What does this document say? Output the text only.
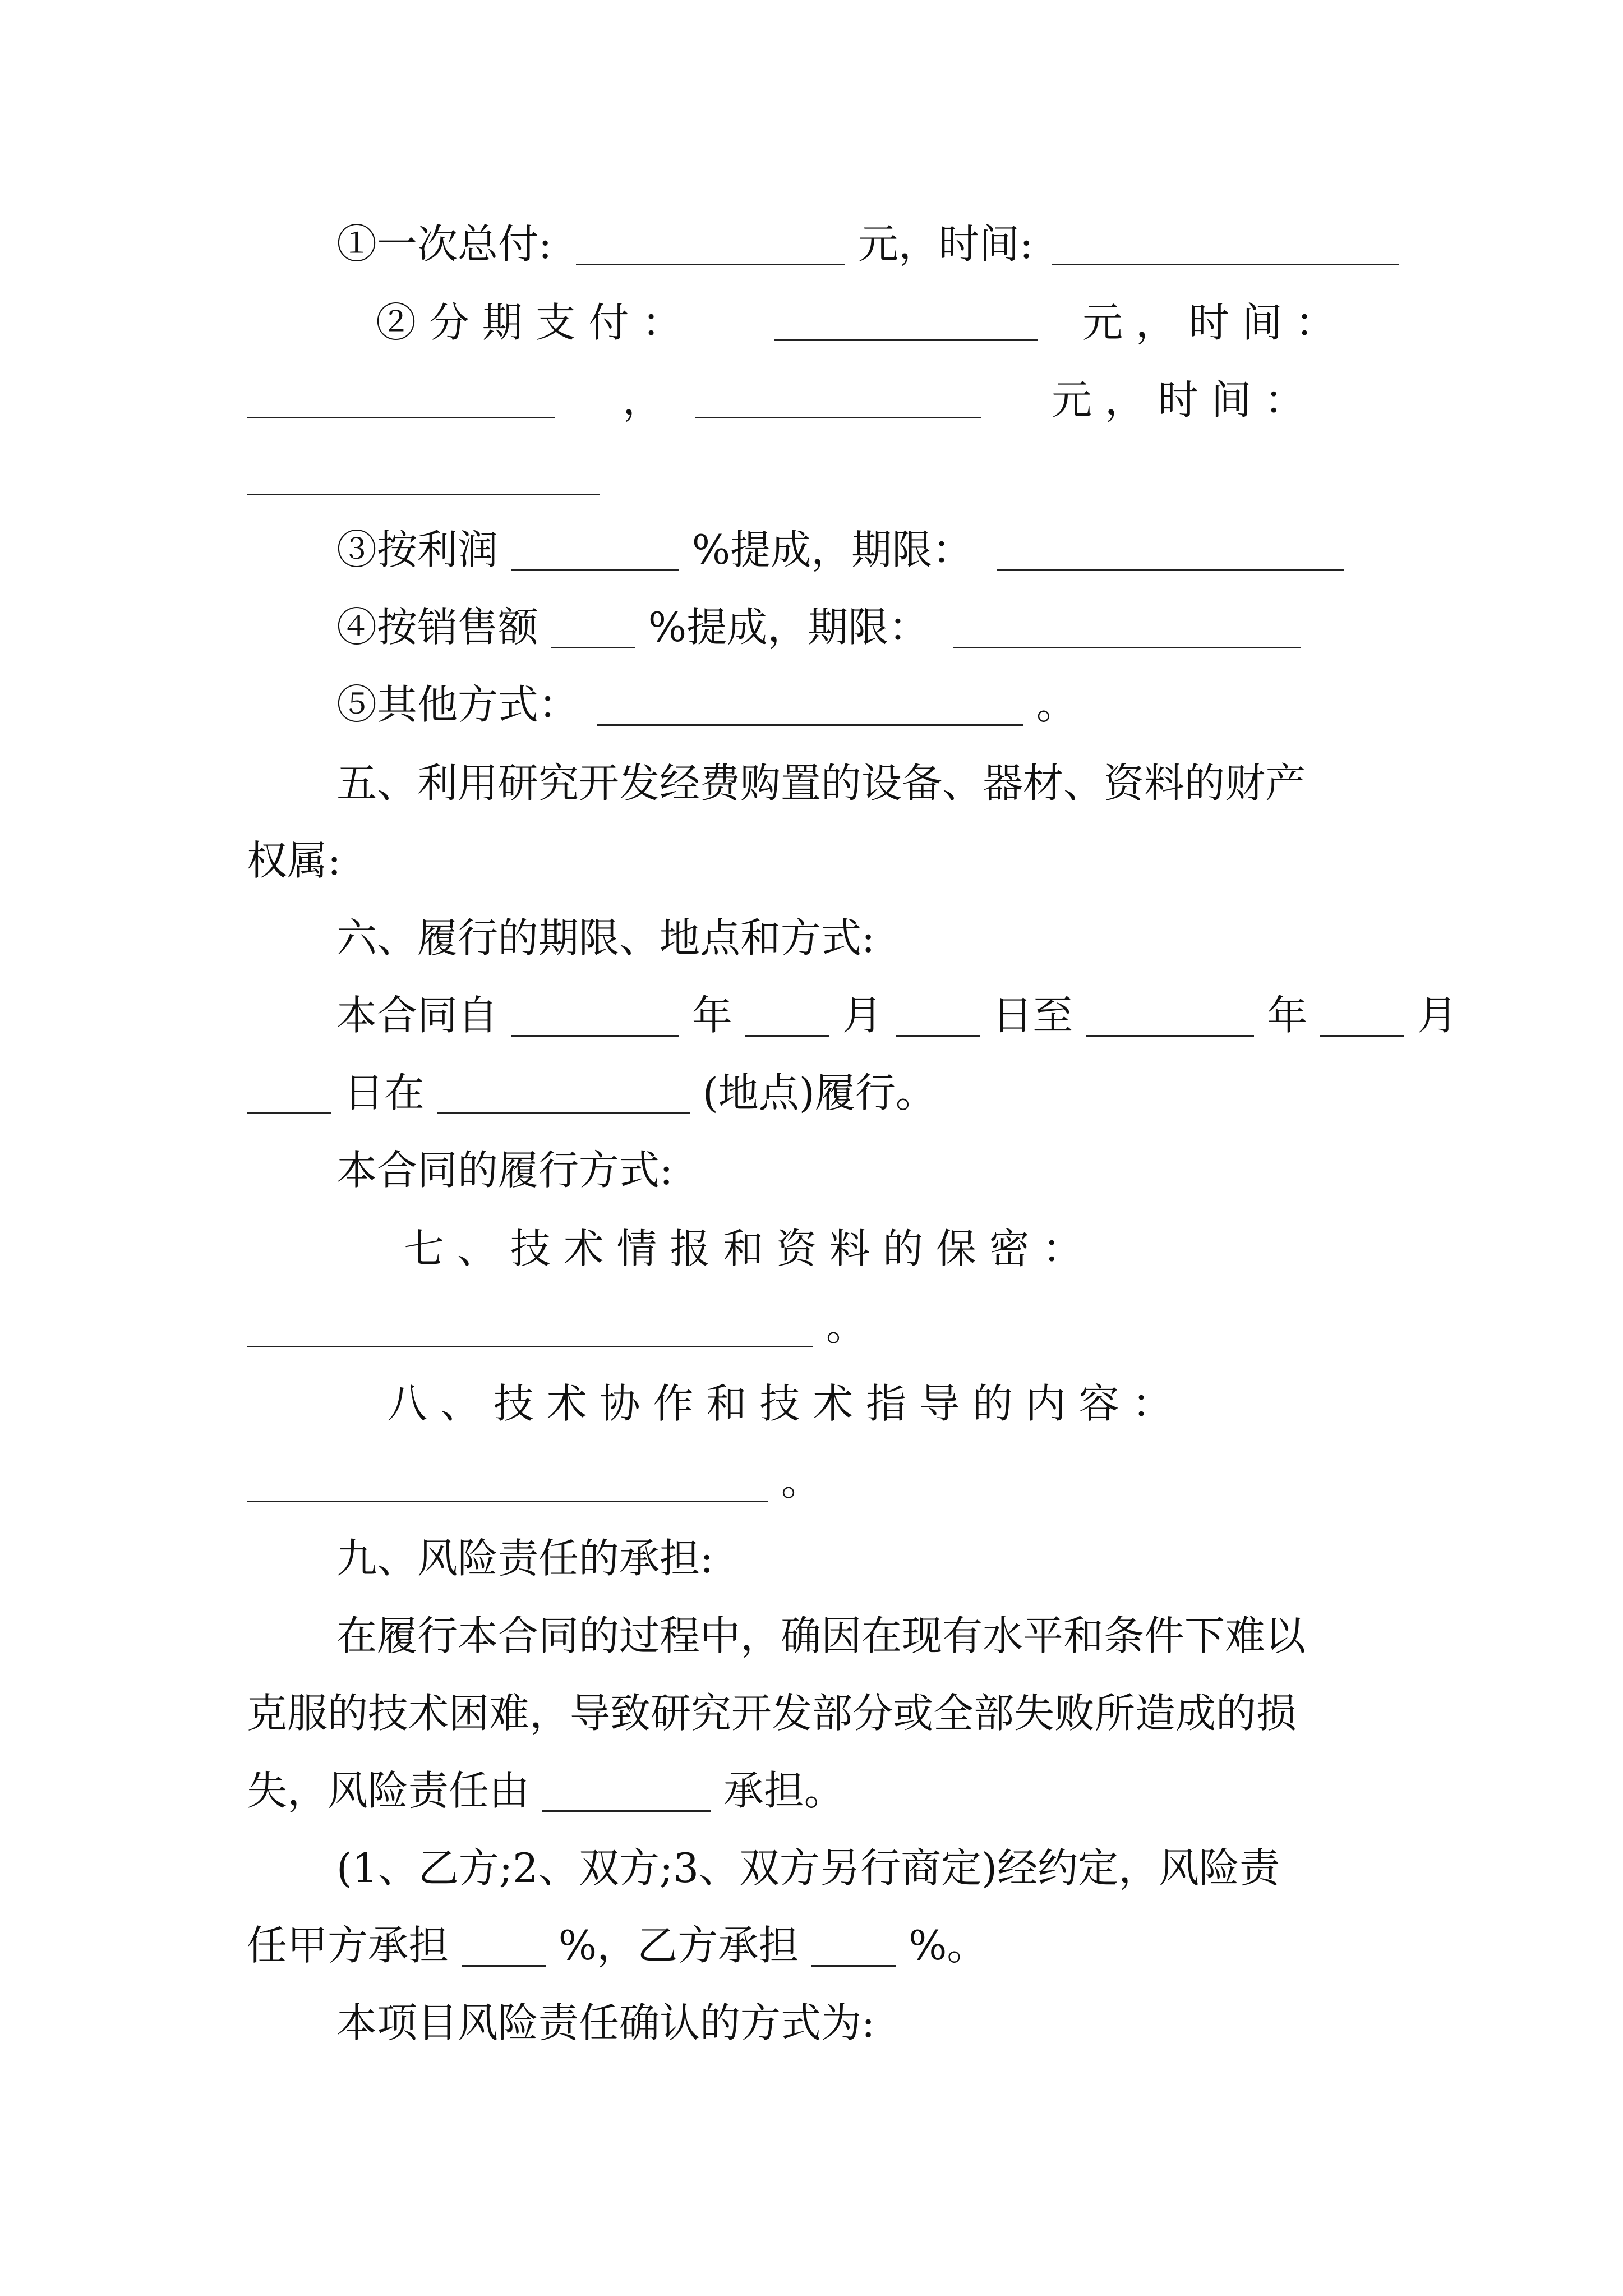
①一次总付:	元，时间:
② 分 期 支 付 ：	元 ， 时 间 ：
，	元 ， 时 间 ：
③按利润	%提成，期限：
④按销售额	%提成，期限：
⑤其他方式：	。
五、利用研究开发经费购置的设备、器材、资料的财产
权属:
六、履行的期限、地点和方式:
本合同自	年	月	日至	年	月
日在	(地点)履行。
本合同的履行方式:
七 、 技 术 情 报 和 资 料 的 保 密 ：
。
八 、 技 术 协 作 和 技 术 指 导 的 内 容 ：
。
九、风险责任的承担:
在履行本合同的过程中，确因在现有水平和条件下难以
克服的技术困难，导致研究开发部分或全部失败所造成的损
失，风险责任由	承担。
(1、乙方;2、双方;3、双方另行商定)经约定，风险责
任甲方承担	%，乙方承担	%。
本项目风险责任确认的方式为:
